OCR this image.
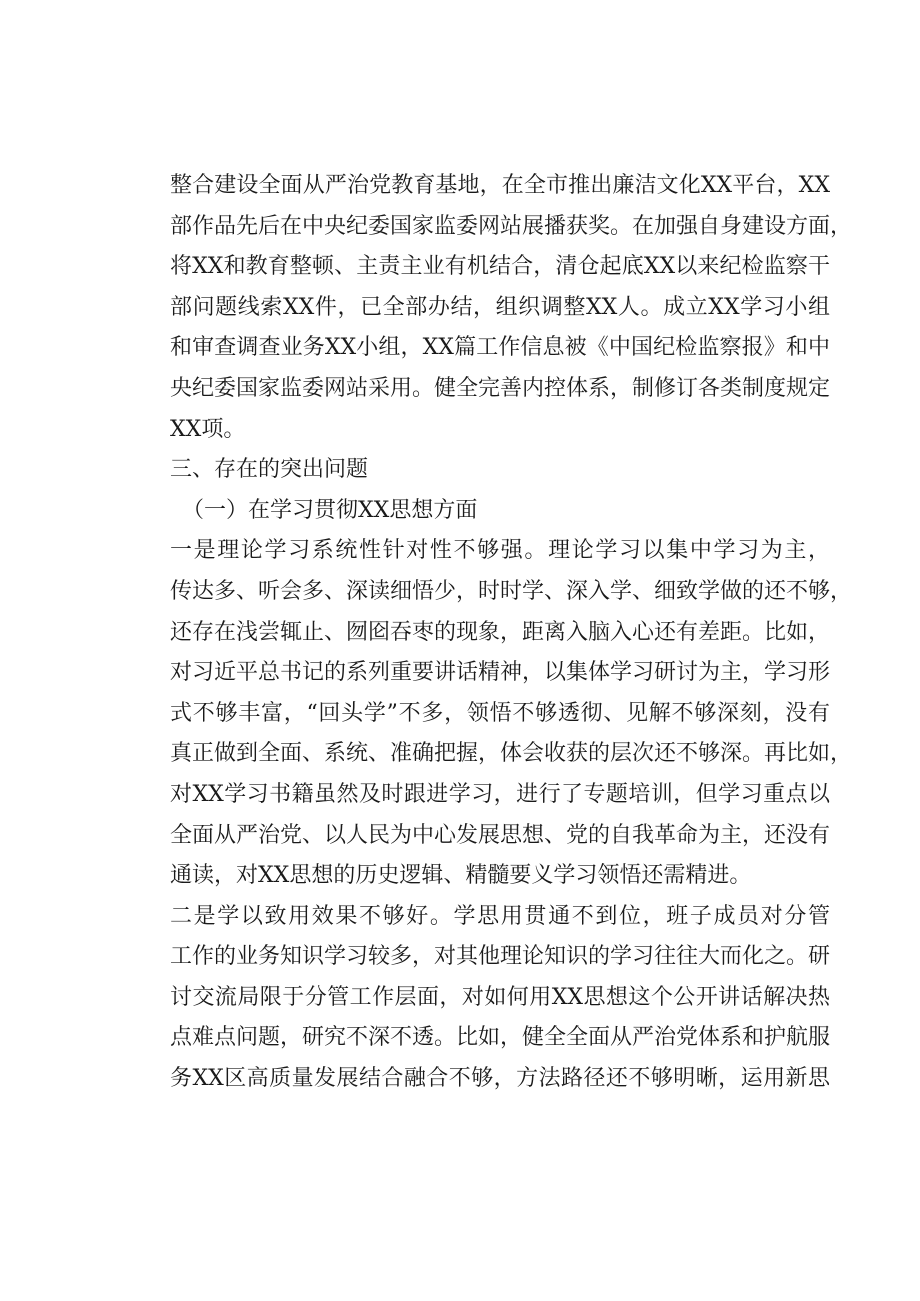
整合建设全面从严治党教育基地，在全市推出廉洁文化XX平台，XX
部作品先后在中央纪委国家监委网站展播获奖。在加强自身建设方面，
将XX和教育整顿、主责主业有机结合，清仓起底XX以来纪检监察干
部问题线索XX件，已全部办结，组织调整XX人。成立XX学习小组
和审查调查业务XX小组，XX篇工作信息被《中国纪检监察报》和中
央纪委国家监委网站采用。健全完善内控体系，制修订各类制度规定
XX项。
三、存在的突出问题
（一）在学习贯彻XX思想方面
一是理论学习系统性针对性不够强。理论学习以集中学习为主，
传达多、听会多、深读细悟少，时时学、深入学、细致学做的还不够，
还存在浅尝辄止、囫囵吞枣的现象，距离入脑入心还有差距。比如，
对习近平总书记的系列重要讲话精神，以集体学习研讨为主，学习形
式不够丰富，“回头学”不多，领悟不够透彻、见解不够深刻，没有
真正做到全面、系统、准确把握，体会收获的层次还不够深。再比如，
对XX学习书籍虽然及时跟进学习，进行了专题培训，但学习重点以
全面从严治党、以人民为中心发展思想、党的自我革命为主，还没有
通读，对XX思想的历史逻辑、精髓要义学习领悟还需精进。
二是学以致用效果不够好。学思用贯通不到位，班子成员对分管
工作的业务知识学习较多，对其他理论知识的学习往往大而化之。研
讨交流局限于分管工作层面，对如何用XX思想这个公开讲话解决热
点难点问题，研究不深不透。比如，健全全面从严治党体系和护航服
务XX区高质量发展结合融合不够，方法路径还不够明晰，运用新思
